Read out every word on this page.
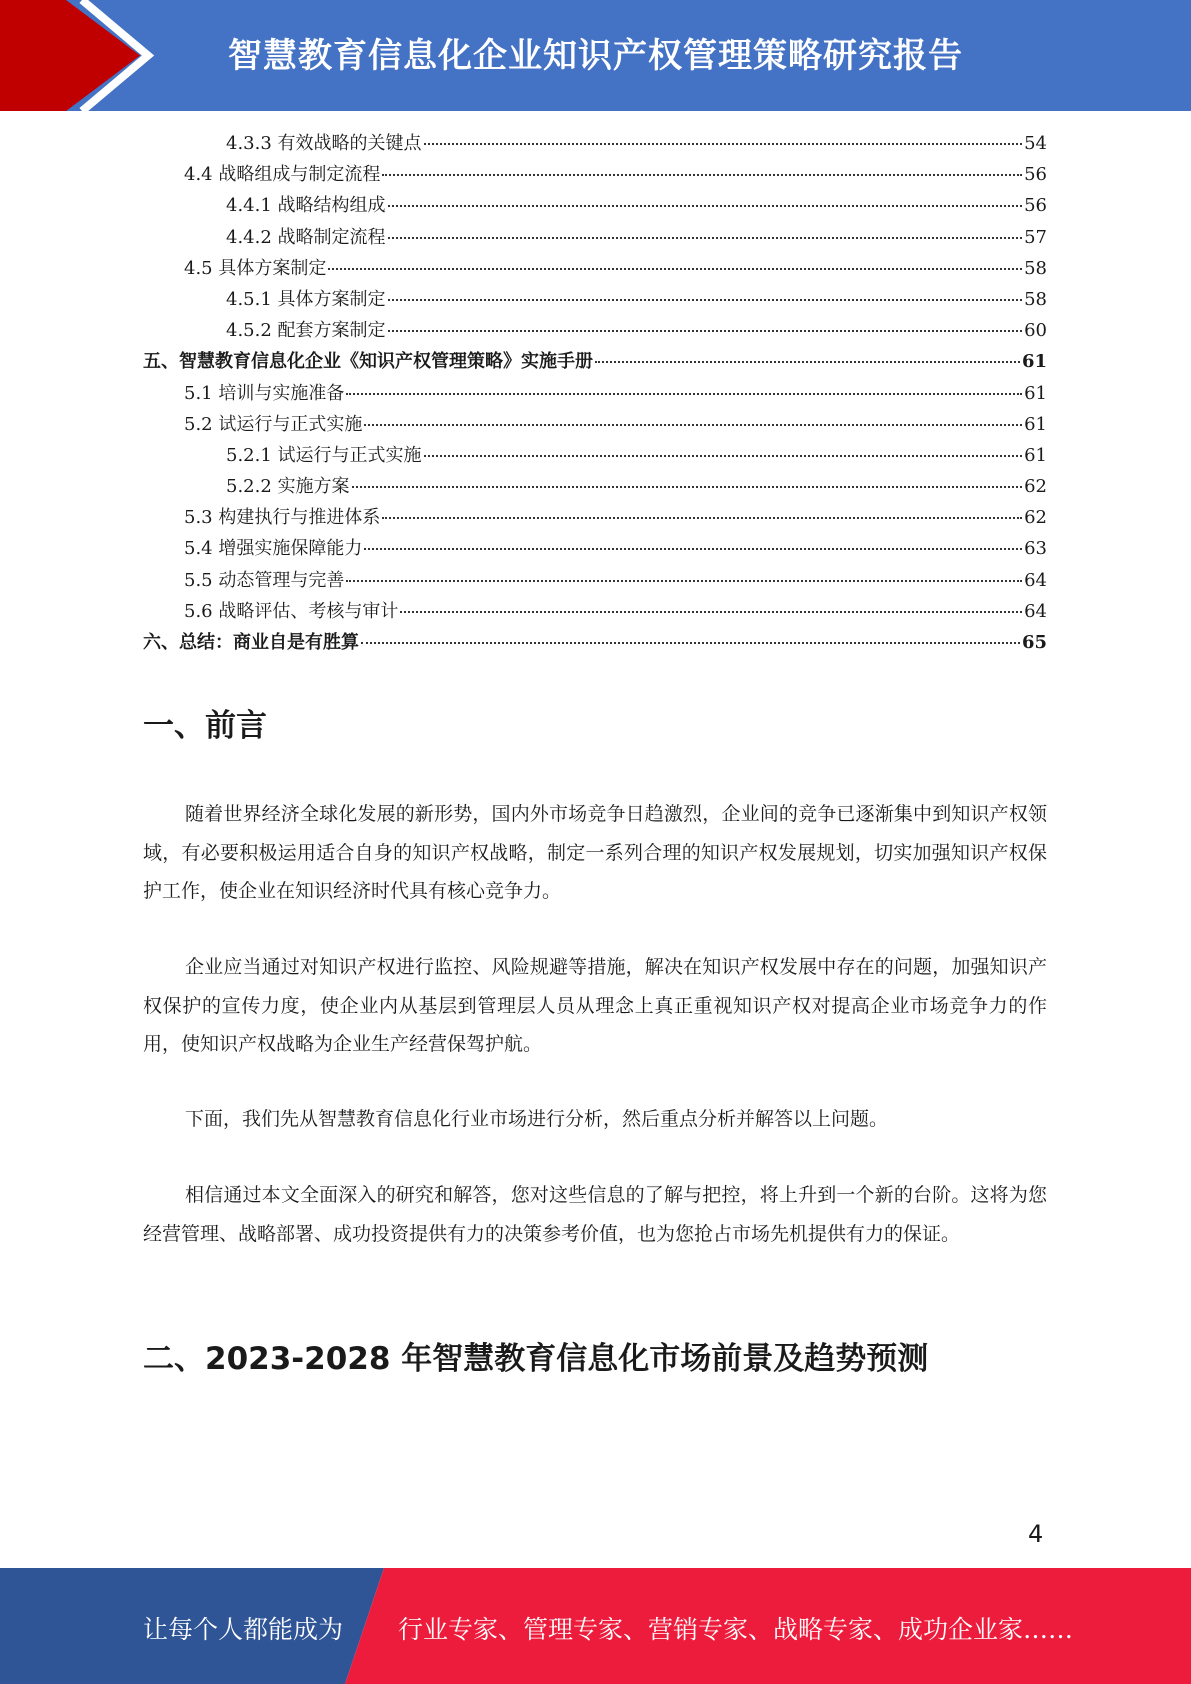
智慧教育信息化企业知识产权管理策略研究报告
4.3.3 有效战略的关键点	54
4.4 战略组成与制定流程	56
4.4.1 战略结构组成	56
4.4.2 战略制定流程	57
4.5 具体方案制定	58
4.5.1 具体方案制定	58
4.5.2 配套方案制定	60
五、智慧教育信息化企业《知识产权管理策略》实施手册	61
5.1 培训与实施准备	61
5.2 试运行与正式实施	61
5.2.1 试运行与正式实施	61
5.2.2 实施方案	62
5.3 构建执行与推进体系	62
5.4 增强实施保障能力	63
5.5 动态管理与完善	64
5.6 战略评估、考核与审计	64
六、总结：商业自是有胜算	65
一、前言
随着世界经济全球化发展的新形势，国内外市场竞争日趋激烈，企业间的竞争已逐渐集中到知识产权领域，有必要积极运用适合自身的知识产权战略，制定一系列合理的知识产权发展规划，切实加强知识产权保护工作，使企业在知识经济时代具有核心竞争力。
企业应当通过对知识产权进行监控、风险规避等措施，解决在知识产权发展中存在的问题，加强知识产权保护的宣传力度，使企业内从基层到管理层人员从理念上真正重视知识产权对提高企业市场竞争力的作用，使知识产权战略为企业生产经营保驾护航。
下面，我们先从智慧教育信息化行业市场进行分析，然后重点分析并解答以上问题。
相信通过本文全面深入的研究和解答，您对这些信息的了解与把控，将上升到一个新的台阶。这将为您经营管理、战略部署、成功投资提供有力的决策参考价值，也为您抢占市场先机提供有力的保证。
二、2023-2028 年智慧教育信息化市场前景及趋势预测
4
让每个人都能成为 行业专家、管理专家、营销专家、战略专家、成功企业家……
